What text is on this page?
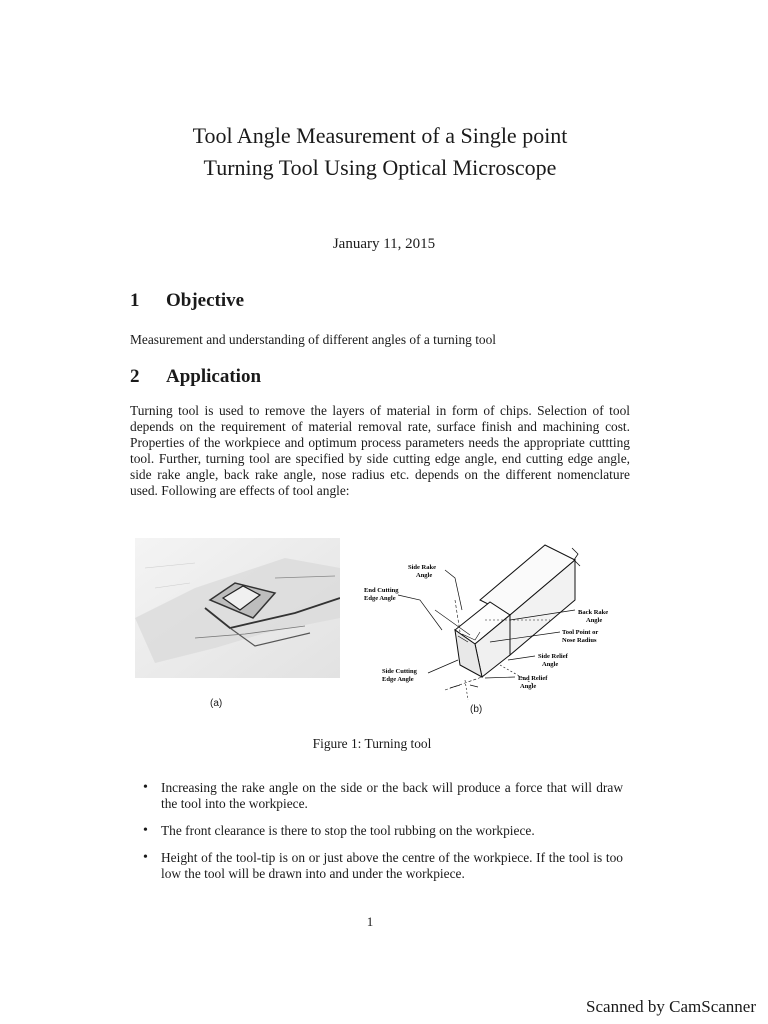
Tool Angle Measurement of a Single point
Turning Tool Using Optical Microscope
January 11, 2015
1 Objective
Measurement and understanding of different angles of a turning tool
2 Application
Turning tool is used to remove the layers of material in form of chips. Selection of tool depends on the requirement of material removal rate, surface finish and machining cost. Properties of the workpiece and optimum process parameters needs the appropriate cuttting tool. Further, turning tool are specified by side cutting edge angle, end cutting edge angle, side rake angle, back rake angle, nose radius etc. depends on the different nomenclature used. Following are effects of tool angle:
(a)
Side Rake
Angle
End Cutting
Edge Angle
Back Rake
Angle
Tool Point or
Nose Radius
Side Relief
Angle
Side Cutting
Edge Angle	End Relief
Angle
(b)
Figure 1: Turning tool
• Increasing the rake angle on the side or the back will produce a force that will draw the tool into the workpiece.
• The front clearance is there to stop the tool rubbing on the workpiece.
• Height of the tool-tip is on or just above the centre of the workpiece. If the tool is too low the tool will be drawn into and under the workpiece.
1
Scanned by CamScanner
